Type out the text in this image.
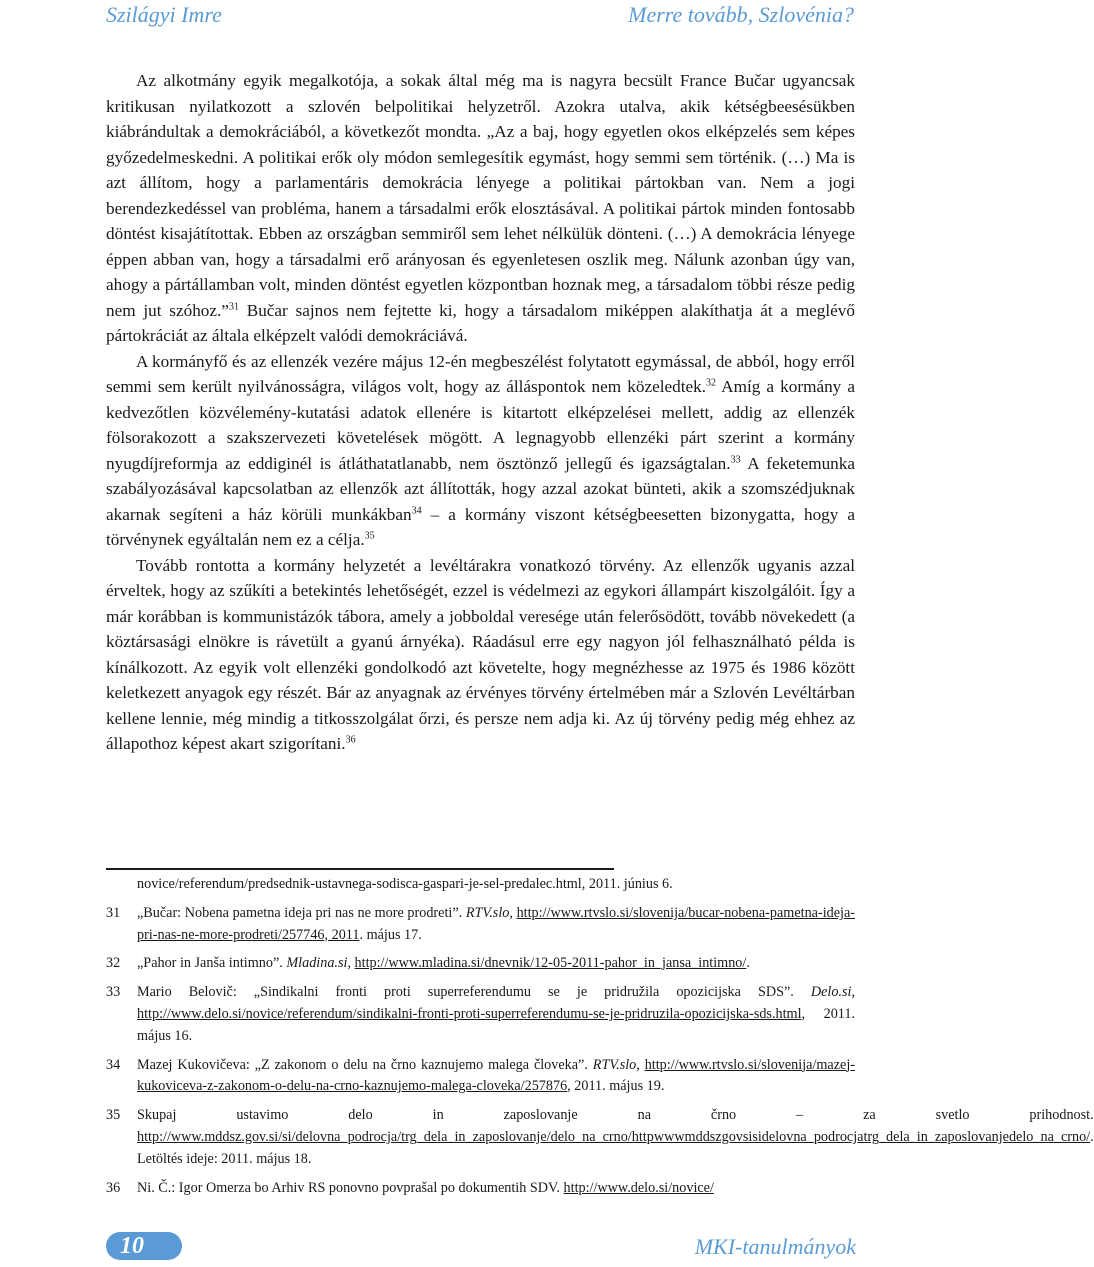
Szilágyi Imre	Merre tovább, Szlovénia?

Az alkotmány egyik megalkotója, a sokak által még ma is nagyra becsült France Bučar ugyancsak kritikusan nyilatkozott a szlovén belpolitikai helyzetről. Azokra utalva, akik kétségbeesésükben kiábrándultak a demokráciából, a következőt mondta. „Az a baj, hogy egyetlen okos elképzelés sem képes győzedelmeskedni. A politikai erők oly módon semlegesítik egymást, hogy semmi sem történik. (…) Ma is azt állítom, hogy a parlamentáris demokrácia lényege a politikai pártokban van. Nem a jogi berendezkedéssel van probléma, hanem a társadalmi erők elosztásával. A politikai pártok minden fontosabb döntést kisajátítottak. Ebben az országban semmiről sem lehet nélkülük dönteni. (…) A demokrácia lényege éppen abban van, hogy a társadalmi erő arányosan és egyenletesen oszlik meg. Nálunk azonban úgy van, ahogy a pártállamban volt, minden döntést egyetlen központban hoznak meg, a társadalom többi része pedig nem jut szóhoz.”$^{31}$ Bučar sajnos nem fejtette ki, hogy a társadalom miképpen alakíthatja át a meglévő pártokráciát az általa elképzelt valódi demokráciává.

A kormányfő és az ellenzék vezére május 12-én megbeszélést folytatott egymással, de abból, hogy erről semmi sem került nyilvánosságra, világos volt, hogy az álláspontok nem közeledtek.$^{32}$ Amíg a kormány a kedvezőtlen közvélemény-kutatási adatok ellenére is kitartott elképzelései mellett, addig az ellenzék fölsorakozott a szakszervezeti követelések mögött. A legnagyobb ellenzéki párt szerint a kormány nyugdíjreformja az eddiginél is átláthatatlanabb, nem ösztönző jellegű és igazságtalan.$^{33}$ A feketemunka szabályozásával kapcsolatban az ellenzők azt állították, hogy azzal azokat bünteti, akik a szomszédjuknak akarnak segíteni a ház körüli munkákban$^{34}$ – a kormány viszont kétségbeesetten bizonygatta, hogy a törvénynek egyáltalán nem ez a célja.$^{35}$

Tovább rontotta a kormány helyzetét a levéltárakra vonatkozó törvény. Az ellenzők ugyanis azzal érveltek, hogy az szűkíti a betekintés lehetőségét, ezzel is védelmezi az egykori állampárt kiszolgálóit. Így a már korábban is kommunistázók tábora, amely a jobboldal veresége után felerősödött, tovább növekedett (a köztársasági elnökre is rávetült a gyanú árnyéka). Ráadásul erre egy nagyon jól felhasználható példa is kínálkozott. Az egyik volt ellenzéki gondolkodó azt követelte, hogy megnézhesse az 1975 és 1986 között keletkezett anyagok egy részét. Bár az anyagnak az érvényes törvény értelmében már a Szlovén Levéltárban kellene lennie, még mindig a titkosszolgálat őrzi, és persze nem adja ki. Az új törvény pedig még ehhez az állapothoz képest akart szigorítani.$^{36}$

novice/referendum/predsednik-ustavnega-sodisca-gaspari-je-sel-predalec.html, 2011. június 6.
31	„Bučar: Nobena pametna ideja pri nas ne more prodreti”. RTV.slo, http://www.rtvslo.si/slovenija/bucar-nobena-pametna-ideja-pri-nas-ne-more-prodreti/257746, 2011. május 17.
32	„Pahor in Janša intimno”. Mladina.si, http://www.mladina.si/dnevnik/12-05-2011-pahor_in_jansa_intimno/.
33	Mario Belovič: „Sindikalni fronti proti superreferendumu se je pridružila opozicijska SDS”. Delo.si, http://www.delo.si/novice/referendum/sindikalni-fronti-proti-superreferendumu-se-je-pridruzila-opozicijska-sds.html, 2011. május 16.
34	Mazej Kukovičeva: „Z zakonom o delu na črno kaznujemo malega človeka”. RTV.slo, http://www.rtvslo.si/slovenija/mazej-kukoviceva-z-zakonom-o-delu-na-crno-kaznujemo-malega-cloveka/257876, 2011. május 19.
35	Skupaj ustavimo delo in zaposlovanje na črno – za svetlo prihodnost. http://www.mddsz.gov.si/si/delovna_podrocja/trg_dela_in_zaposlovanje/delo_na_crno/httpwwwmddszgovsisidelovna_podrocjatrg_dela_in_zaposlovanjedelo_na_crno/. Letöltés ideje: 2011. május 18.
36	Ni. Č.: Igor Omerza bo Arhiv RS ponovno povprašal po dokumentih SDV. http://www.delo.si/novice/
10	MKI-tanulmányok
